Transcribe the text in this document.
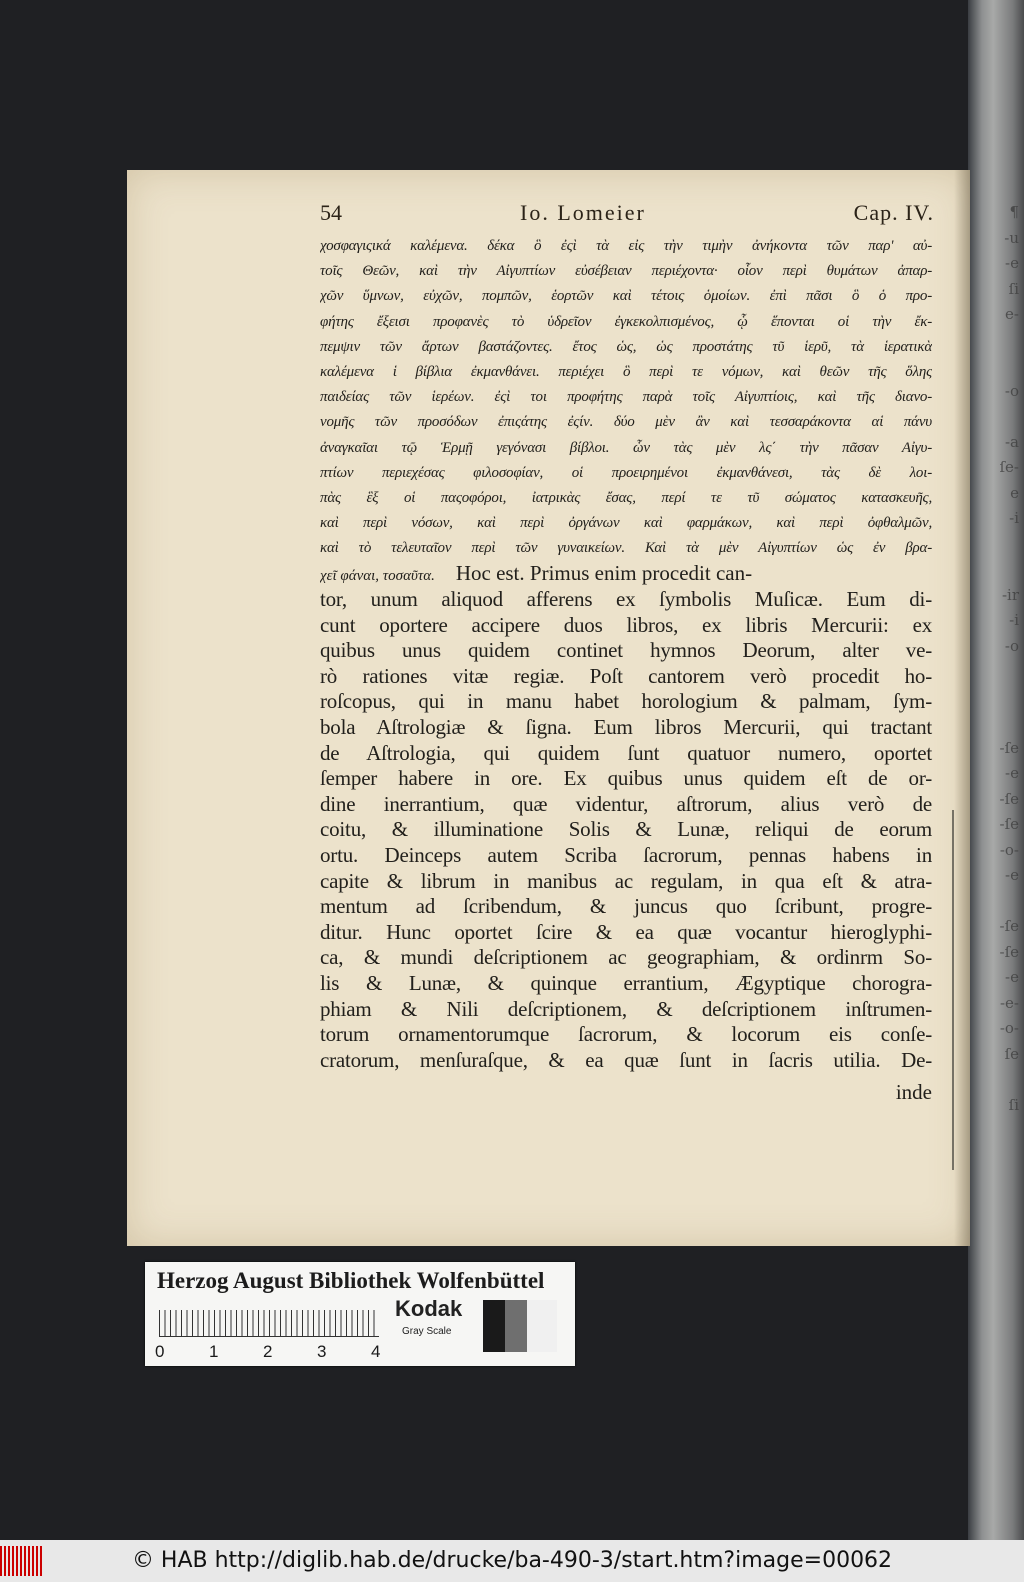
¶
-u
-e
ſi
e-
-o
-a
ſe-
e
-i
-ir
-i
-o
-ſe
-e
-ſe
-ſe
-o-
-e
-ſe
-ſe
-e
-e-
-o-
ſe
ſi
54	Io. Lomeier	Cap. IV.
χοσφαγιςικά καλέμενα. δέκα ὃ ἐςὶ τὰ εἰς τὴν τιμὴν ἀνήκοντα τῶν παρ' αὐ-
τοῖς Θεῶν, καὶ τὴν Αἰγυπτίων εὐσέβειαν περιέχοντα· οἷον περὶ θυμάτων ἀπαρ-
χῶν ὕμνων, εὐχῶν, πομπῶν, ἑορτῶν καὶ τέτοις ὁμοίων. ἐπὶ πᾶσι ὃ ὁ προ-
φήτης ἔξεισι προφανὲς τὸ ὑδρεῖον ἐγκεκολπισμένος, ᾧ ἕπονται οἱ τὴν ἔκ-
πεμψιν τῶν ἄρτων βαστάζοντες. ἔτος ὡς, ὡς προστάτης τῦ ἱερῦ, τὰ ἱερατικὰ
καλέμενα ἱ βίβλια ἐκμανθάνει. περιέχει ὃ περὶ τε νόμων, καὶ θεῶν τῆς ὅλης
παιδείας τῶν ἱερέων. ἐςὶ τοι προφήτης παρὰ τοῖς Αἰγυπτίοις, καὶ τῆς διανο-
νομῆς τῶν προσόδων ἐπιςάτης ἐςίν. δύο μὲν ἂν καὶ τεσσαράκοντα αἱ πάνυ
ἀναγκαῖαι τῷ Ἑρμῇ γεγόνασι βίβλοι. ὧν τὰς μὲν λς΄ τὴν πᾶσαν Αἰγυ-
πτίων περιεχέσας φιλοσοφίαν, οἱ προειρημένοι ἐκμανθάνεσι, τὰς δὲ λοι-
πὰς ἓξ οἱ παςοφόροι, ἰατρικὰς ἔσας, περί τε τῦ σώματος κατασκευῆς,
καὶ περὶ νόσων, καὶ περὶ ὀργάνων καὶ φαρμάκων, καὶ περὶ ὀφθαλμῶν,
καὶ τὸ τελευταῖον περὶ τῶν γυναικείων. Καὶ τὰ μὲν Αἰγυπτίων ὡς ἐν βρα-
χεῖ φάναι, τοσαῦτα. Hoc est. Primus enim procedit can-
tor, unum aliquod afferens ex ſymbolis Muſicæ. Eum di-
cunt oportere accipere duos libros, ex libris Mercurii: ex
quibus unus quidem continet hymnos Deorum, alter ve-
rò rationes vitæ regiæ. Poſt cantorem verò procedit ho-
roſcopus, qui in manu habet horologium & palmam, ſym-
bola Aſtrologiæ & ſigna. Eum libros Mercurii, qui tractant
de Aſtrologia, qui quidem ſunt quatuor numero, oportet
ſemper habere in ore. Ex quibus unus quidem eſt de or-
dine inerrantium, quæ videntur, aſtrorum, alius verò de
coitu, & illuminatione Solis & Lunæ, reliqui de eorum
ortu. Deinceps autem Scriba ſacrorum, pennas habens in
capite & librum in manibus ac regulam, in qua eſt & atra-
mentum ad ſcribendum, & juncus quo ſcribunt, progre-
ditur. Hunc oportet ſcire & ea quæ vocantur hieroglyphi-
ca, & mundi deſcriptionem ac geographiam, & ordinrm So-
lis & Lunæ, & quinque errantium, Ægyptique chorogra-
phiam & Nili deſcriptionem, & deſcriptionem inſtrumen-
torum ornamentorumque ſacrorum, & locorum eis conſe-
cratorum, menſuraſque, & ea quæ ſunt in ſacris utilia. De-
inde
Herzog August Bibliothek Wolfenbüttel
0	1	2	3	4
Kodak
Gray Scale
© HAB http://diglib.hab.de/drucke/ba-490-3/start.htm?image=00062
